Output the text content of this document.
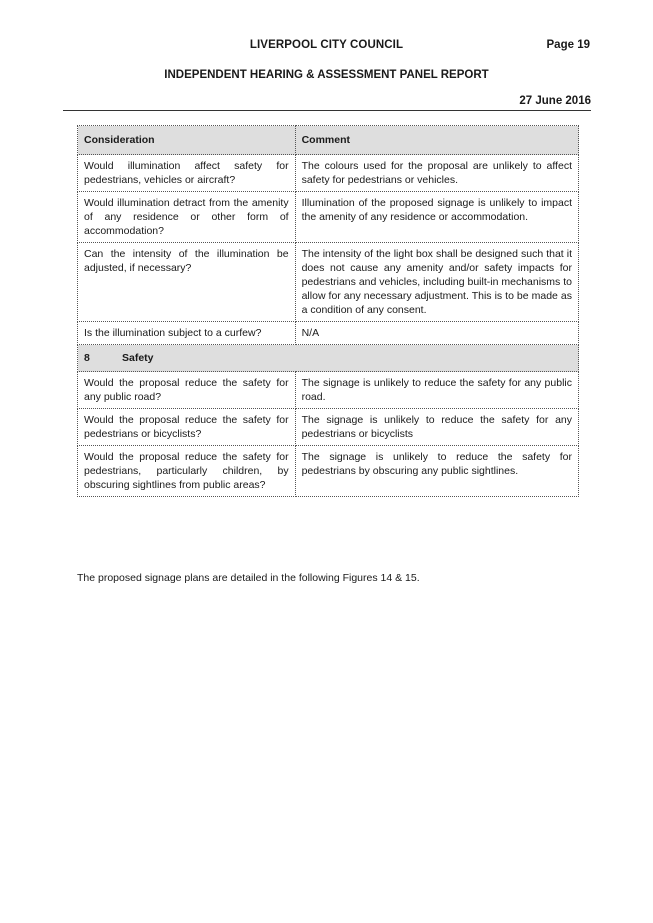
LIVERPOOL CITY COUNCIL	Page 19
INDEPENDENT HEARING & ASSESSMENT PANEL REPORT
27 June 2016
Consideration	Comment
Would illumination affect safety for pedestrians, vehicles or aircraft?	The colours used for the proposal are unlikely to affect safety for pedestrians or vehicles.
Would illumination detract from the amenity of any residence or other form of accommodation?	Illumination of the proposed signage is unlikely to impact the amenity of any residence or accommodation.
Can the intensity of the illumination be adjusted, if necessary?	The intensity of the light box shall be designed such that it does not cause any amenity and/or safety impacts for pedestrians and vehicles, including built-in mechanisms to allow for any necessary adjustment. This is to be made as a condition of any consent.
Is the illumination subject to a curfew?	N/A
8 Safety	
Would the proposal reduce the safety for any public road?	The signage is unlikely to reduce the safety for any public road.
Would the proposal reduce the safety for pedestrians or bicyclists?	The signage is unlikely to reduce the safety for any pedestrians or bicyclists
Would the proposal reduce the safety for pedestrians, particularly children, by obscuring sightlines from public areas?	The signage is unlikely to reduce the safety for pedestrians by obscuring any public sightlines.
The proposed signage plans are detailed in the following Figures 14 & 15.
